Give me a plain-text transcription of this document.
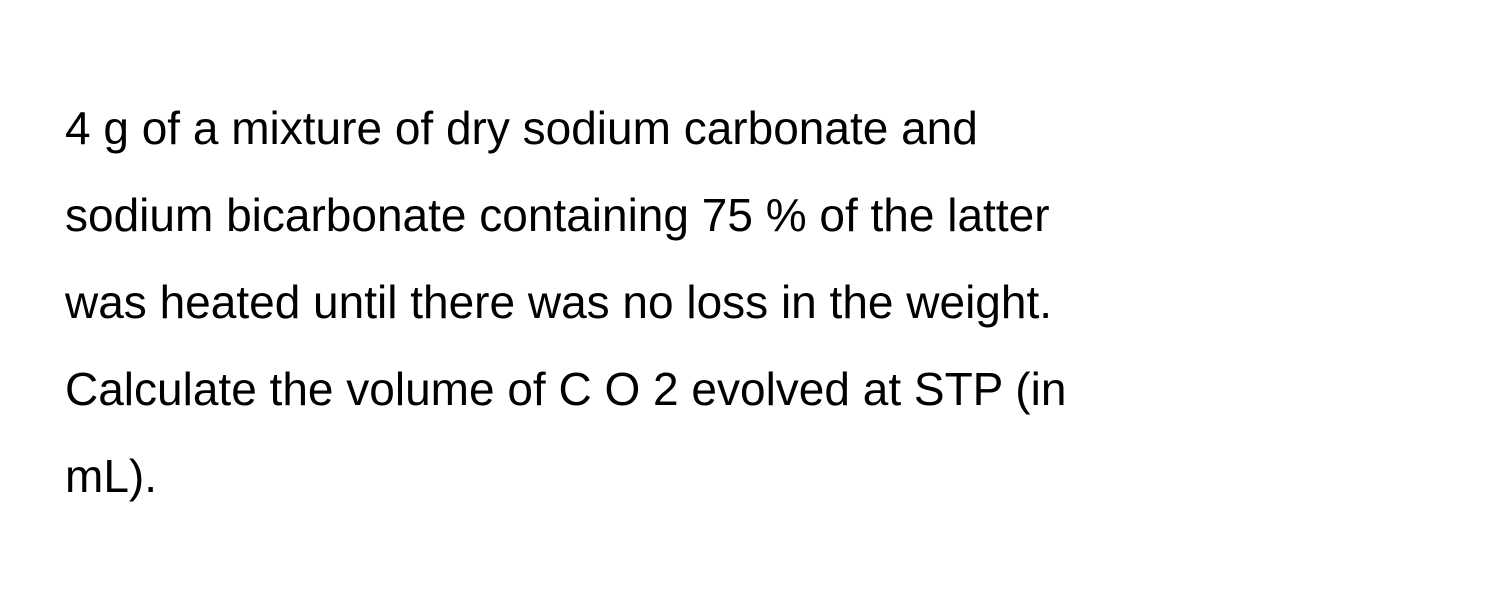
4 g of a mixture of dry sodium carbonate and
sodium bicarbonate containing 75 % of the latter
was heated until there was no loss in the weight.
Calculate the volume of C O 2 evolved at STP (in
mL).
